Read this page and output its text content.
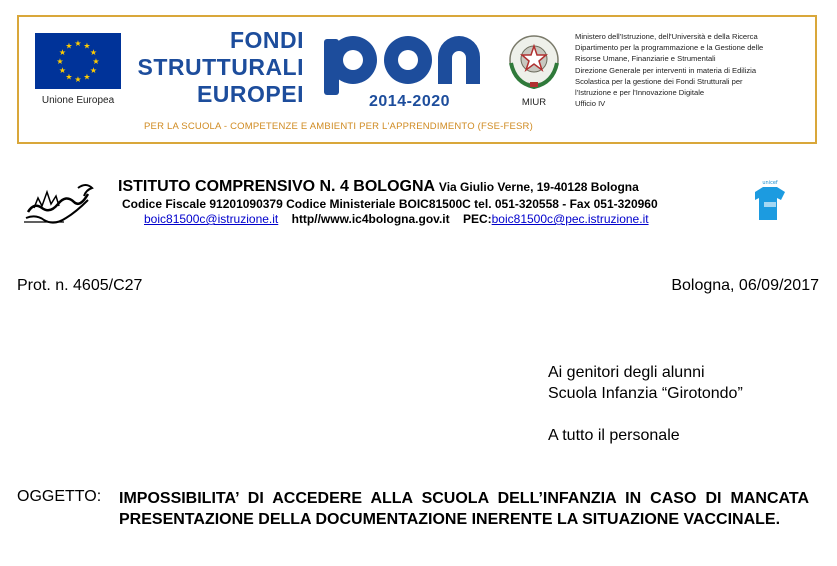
★ ★
★
★
★
★
★
★
★
★
★
★
Unione Europea
FONDI
STRUTTURALI
EUROPEI	2014-2020
PER LA SCUOLA - COMPETENZE E AMBIENTI PER L'APPRENDIMENTO (FSE-FESR)
MIUR
Ministero dell'Istruzione, dell'Università e della Ricerca
Dipartimento per la programmazione e la Gestione delle
Risorse Umane, Finanziarie e Strumentali
Direzione Generale per interventi in materia di Edilizia
Scolastica per la gestione dei Fondi Strutturali per
l'Istruzione e per l'Innovazione Digitale
Ufficio IV
ISTITUTO COMPRENSIVO N. 4 BOLOGNA Via Giulio Verne, 19-40128 Bologna
Codice Fiscale 91201090379 Codice Ministeriale BOIC81500C tel. 051-320558 - Fax 051-320960
boic81500c@istruzione.it http//www.ic4bologna.gov.it PEC:boic81500c@pec.istruzione.it
unicef
Prot. n. 4605/C27	Bologna, 06/09/2017
Ai genitori degli alunni
Scuola Infanzia “Girotondo”
A tutto il personale
OGGETTO: IMPOSSIBILITA’ DI ACCEDERE ALLA SCUOLA DELL’INFANZIA IN CASO DI MANCATA PRESENTAZIONE DELLA DOCUMENTAZIONE INERENTE LA SITUAZIONE VACCINALE.
